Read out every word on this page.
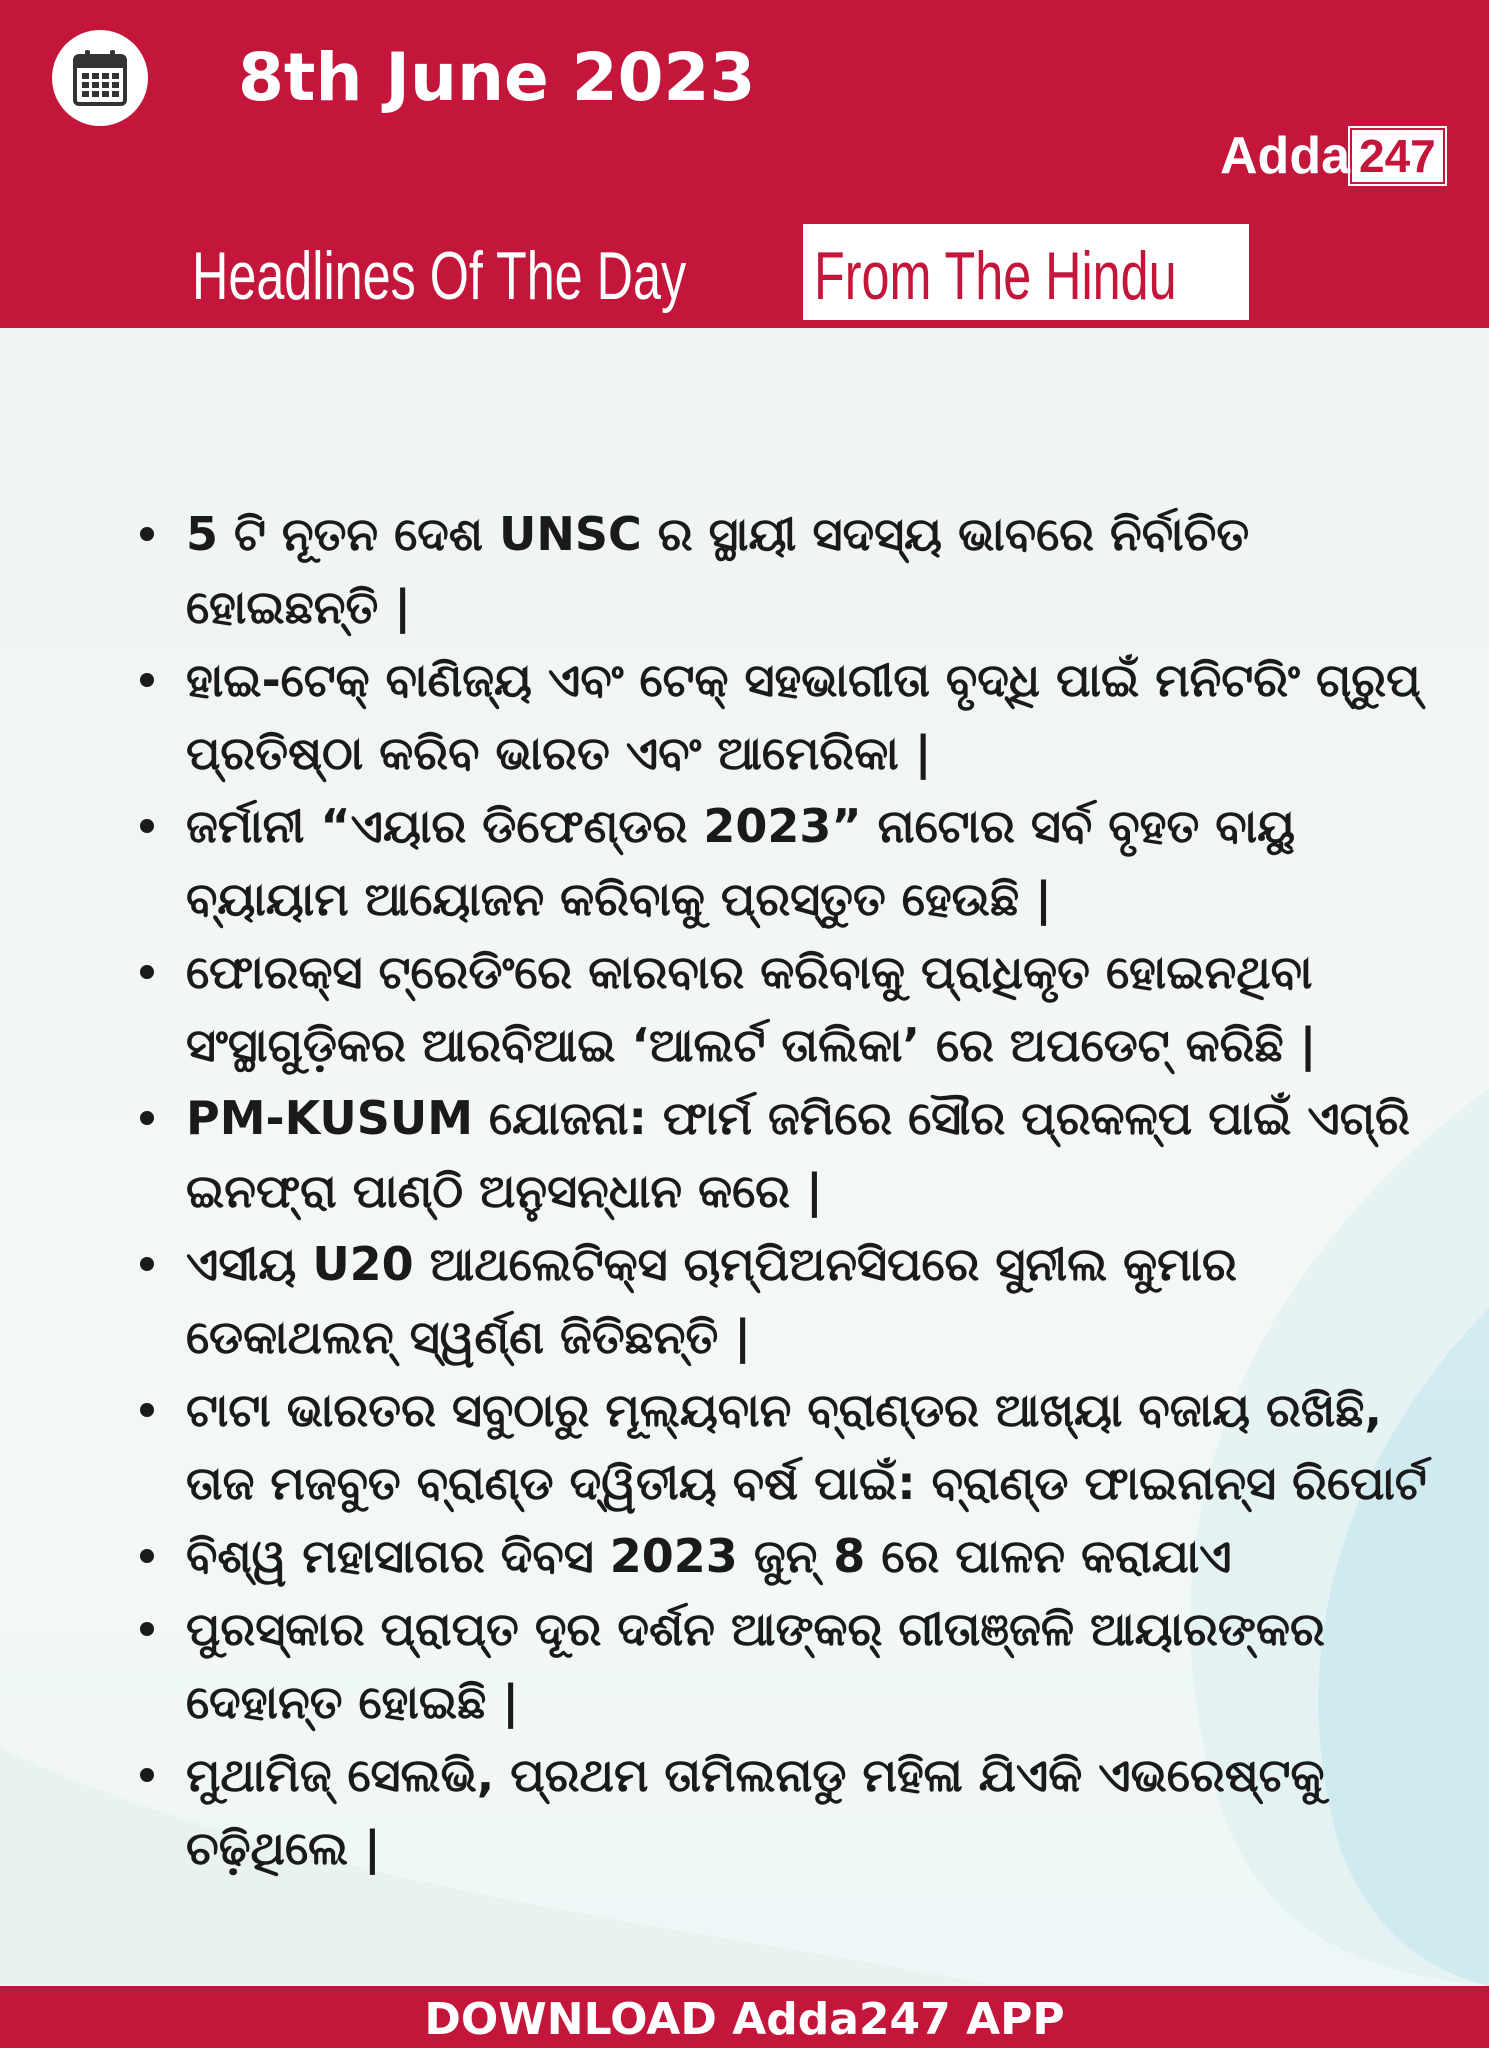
8th June 2023
Adda 247
Headlines Of The Day From The Hindu
5 ଟି ନୂତନ ଦେଶ UNSC ର ସ୍ଥାୟୀ ସଦସ୍ୟ ଭାବରେ ନିର୍ବାଚିତ ହୋଇଛନ୍ତି |
ହାଇ-ଟେକ୍ ବାଣିଜ୍ୟ ଏବଂ ଟେକ୍ ସହଭାଗୀତା ବୃଦ୍ଧି ପାଇଁ ମନିଟରିଂ ଗ୍ରୁପ୍ ପ୍ରତିଷ୍ଠା କରିବ ଭାରତ ଏବଂ ଆମେରିକା |
ଜର୍ମାନୀ “ଏୟାର ଡିଫେଣ୍ଡର 2023” ନାଟୋର ସର୍ବ ବୃହତ ବାୟୁ ବ୍ୟାୟାମ ଆୟୋଜନ କରିବାକୁ ପ୍ରସ୍ତୁତ ହେଉଛି |
ଫୋରକ୍ସ ଟ୍ରେଡିଂରେ କାରବାର କରିବାକୁ ପ୍ରାଧିକୃତ ହୋଇନଥିବା ସଂସ୍ଥାଗୁଡ଼ିକର ଆରବିଆଇ ‘ଆଲର୍ଟ ତାଲିକା’ ରେ ଅପଡେଟ୍ କରିଛି |
PM-KUSUM ଯୋଜନା: ଫାର୍ମ ଜମିରେ ସୌର ପ୍ରକଳ୍ପ ପାଇଁ ଏଗ୍ରି ଇନଫ୍ରା ପାଣ୍ଠି ଅନୁସନ୍ଧାନ କରେ |
ଏସୀୟ U20 ଆଥଲେଟିକ୍ସ ଚାମ୍ପିଅନସିପରେ ସୁନୀଲ କୁମାର ଡେକାଥଲନ୍ ସ୍ୱର୍ଣ୍ଣ ଜିତିଛନ୍ତି |
ଟାଟା ଭାରତର ସବୁଠାରୁ ମୂଲ୍ୟବାନ ବ୍ରାଣ୍ଡର ଆଖ୍ୟା ବଜାୟ ରଖିଛି, ତାଜ ମଜବୁତ ବ୍ରାଣ୍ଡ ଦ୍ୱିତୀୟ ବର୍ଷ ପାଇଁ: ବ୍ରାଣ୍ଡ ଫାଇନାନ୍ସ ରିପୋର୍ଟ
ବିଶ୍ୱ ମହାସାଗର ଦିବସ 2023 ଜୁନ୍ 8 ରେ ପାଳନ କରାଯାଏ
ପୁରସ୍କାର ପ୍ରାପ୍ତ ଦୂର ଦର୍ଶନ ଆଙ୍କର୍ ଗୀତାଞ୍ଜଳି ଆୟାରଙ୍କର ଦେହାନ୍ତ ହୋଇଛି |
ମୁଥାମିଜ୍ ସେଲଭି, ପ୍ରଥମ ତାମିଲନାଡୁ ମହିଳା ଯିଏକି ଏଭରେଷ୍ଟକୁ ଚଢ଼ିଥିଲେ |
DOWNLOAD Adda247 APP
